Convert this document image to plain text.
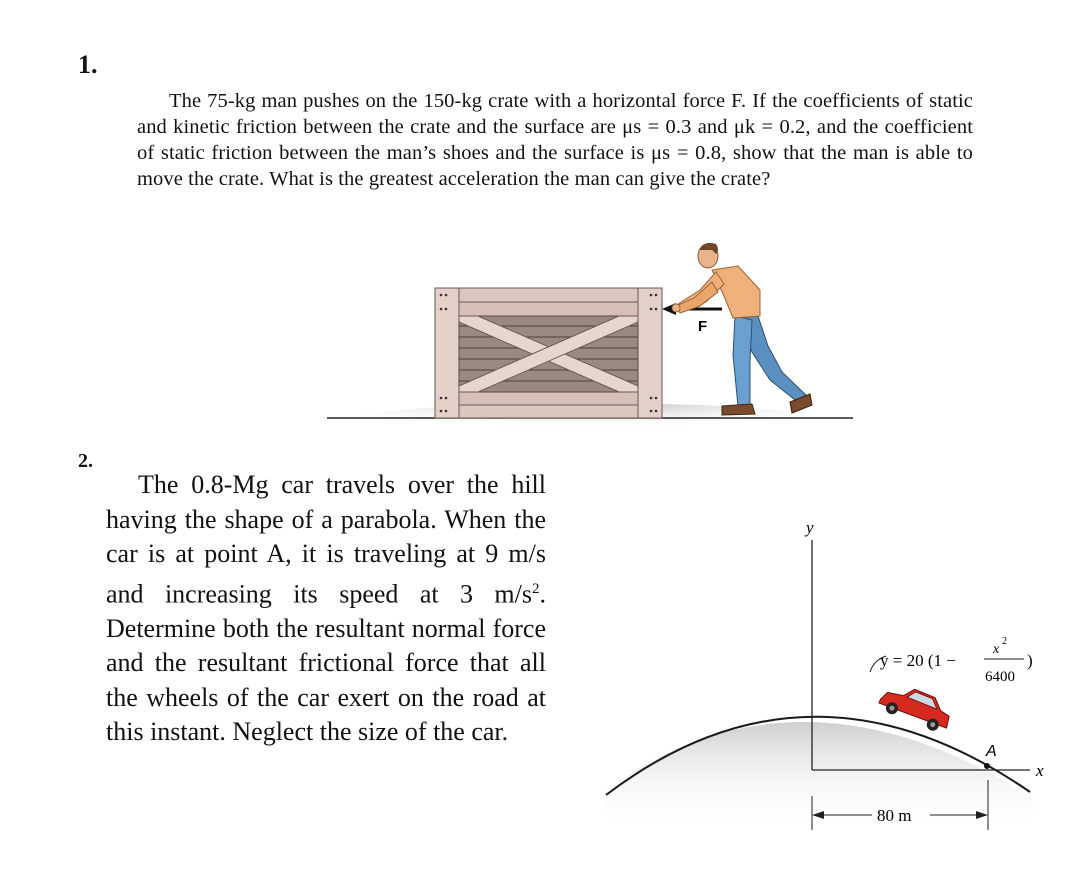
1.
The 75-kg man pushes on the 150-kg crate with a horizontal force F. If the coefficients of static and kinetic friction between the crate and the surface are μs = 0.3 and μk = 0.2, and the coefficient of static friction between the man’s shoes and the surface is μs = 0.8, show that the man is able to move the crate. What is the greatest acceleration the man can give the crate?
2.
The 0.8-Mg car travels over the hill having the shape of a parabola. When the car is at point A, it is traveling at 9 m/s and increasing its speed at 3 $m/s^2$. Determine both the resultant normal force and the resultant frictional force that all the wheels of the car exert on the road at this instant. Neglect the size of the car.
F
y
x
A
y = 20 (1 −
x
2
6400
)
80 m
